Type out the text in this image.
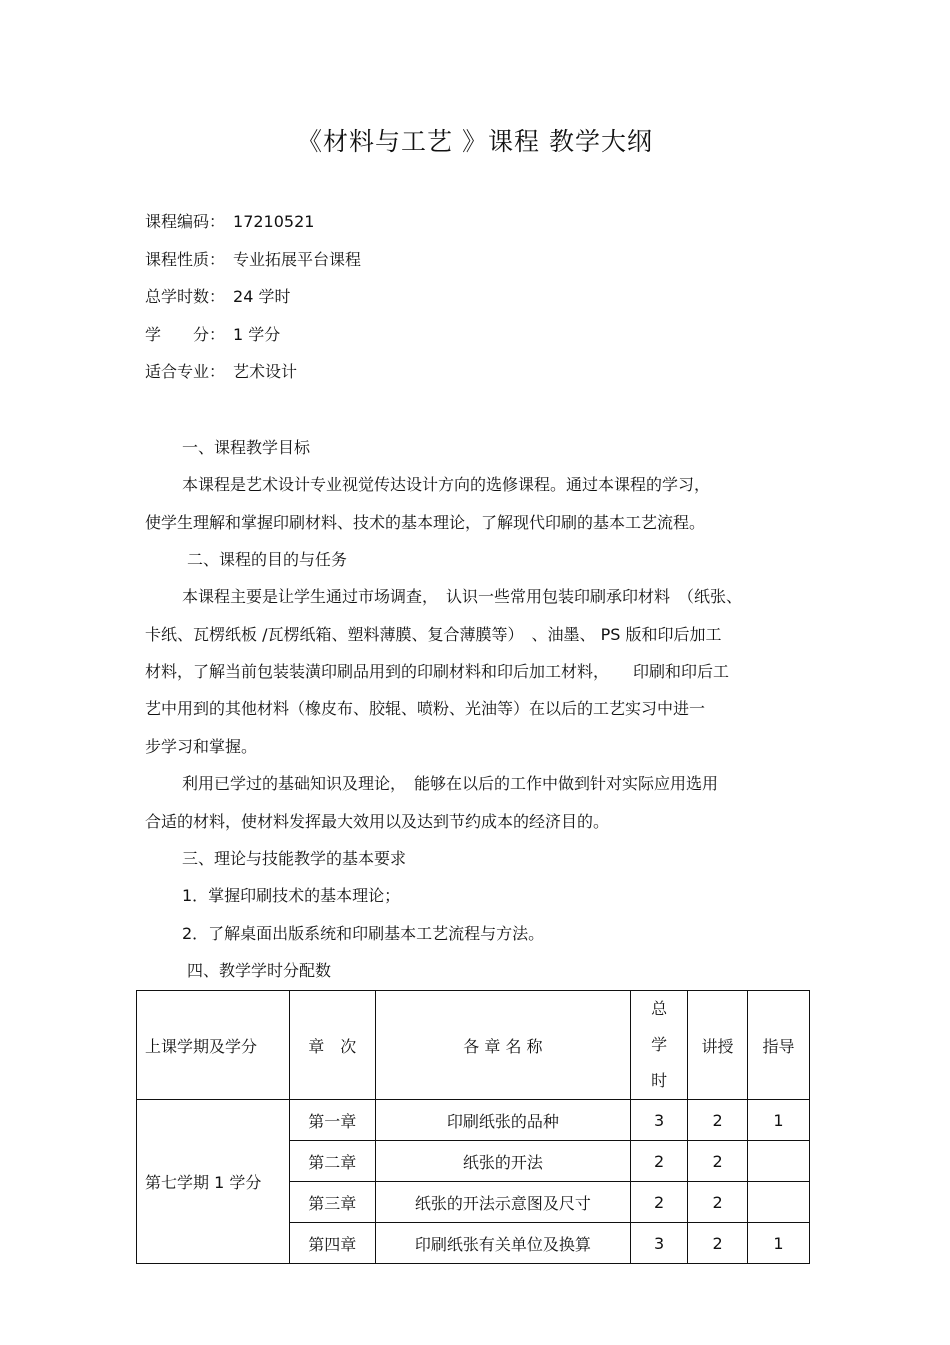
《材料与工艺 》课程 教学大纲
课程编码： 17210521
课程性质： 专业拓展平台课程
总学时数： 24 学时
学　　分： 1 学分
适合专业： 艺术设计
一、课程教学目标
本课程是艺术设计专业视觉传达设计方向的选修课程。通过本课程的学习，
使学生理解和掌握印刷材料、技术的基本理论，了解现代印刷的基本工艺流程。
二、课程的目的与任务
本课程主要是让学生通过市场调查，　认识一些常用包装印刷承印材料　（纸张、
卡纸、瓦楞纸板 /瓦楞纸箱、塑料薄膜、复合薄膜等）　、油墨、 PS 版和印后加工
材料，了解当前包装装潢印刷品用到的印刷材料和印后加工材料，　　印刷和印后工
艺中用到的其他材料（橡皮布、胶辊、喷粉、光油等）在以后的工艺实习中进一
步学习和掌握。
利用已学过的基础知识及理论，　能够在以后的工作中做到针对实际应用选用
合适的材料，使材料发挥最大效用以及达到节约成本的经济目的。
三、理论与技能教学的基本要求
1．掌握印刷技术的基本理论；
2．了解桌面出版系统和印刷基本工艺流程与方法。
四、教学学时分配数
上课学期及学分	章　次	各 章 名 称	总学时	讲授	指导
第七学期 1 学分	第一章	印刷纸张的品种	3	2	1
	第二章	纸张的开法	2	2	
	第三章	纸张的开法示意图及尺寸	2	2	
	第四章	印刷纸张有关单位及换算	3	2	1
